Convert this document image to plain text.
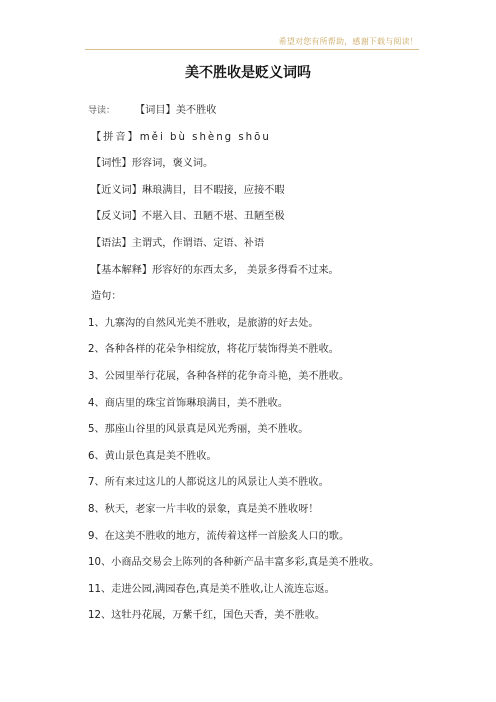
希望对您有所帮助，感谢下载与阅读！
美不胜收是贬义词吗
导读： 【词目】美不胜收
【拼音】měi bù shèng shōu
【词性】形容词，褒义词。
【近义词】琳琅满目，目不暇接，应接不暇
【反义词】不堪入目、丑陋不堪、丑陋至极
【语法】主谓式，作谓语、定语、补语
【基本解释】形容好的东西太多， 美景多得看不过来。
造句：
1、九寨沟的自然风光美不胜收，是旅游的好去处。
2、各种各样的花朵争相绽放，将花厅装饰得美不胜收。
3、公园里举行花展，各种各样的花争奇斗艳，美不胜收。
4、商店里的珠宝首饰琳琅满目，美不胜收。
5、那座山谷里的风景真是风光秀丽，美不胜收。
6、黄山景色真是美不胜收。
7、所有来过这儿的人都说这儿的风景让人美不胜收。
8、秋天，老家一片丰收的景象，真是美不胜收呀！
9、在这美不胜收的地方，流传着这样一首脍炙人口的歌。
10、小商品交易会上陈列的各种新产品丰富多彩,真是美不胜收。
11、走进公园,满园春色,真是美不胜收,让人流连忘返。
12、这牡丹花展，万紫千红，国色天香，美不胜收。
